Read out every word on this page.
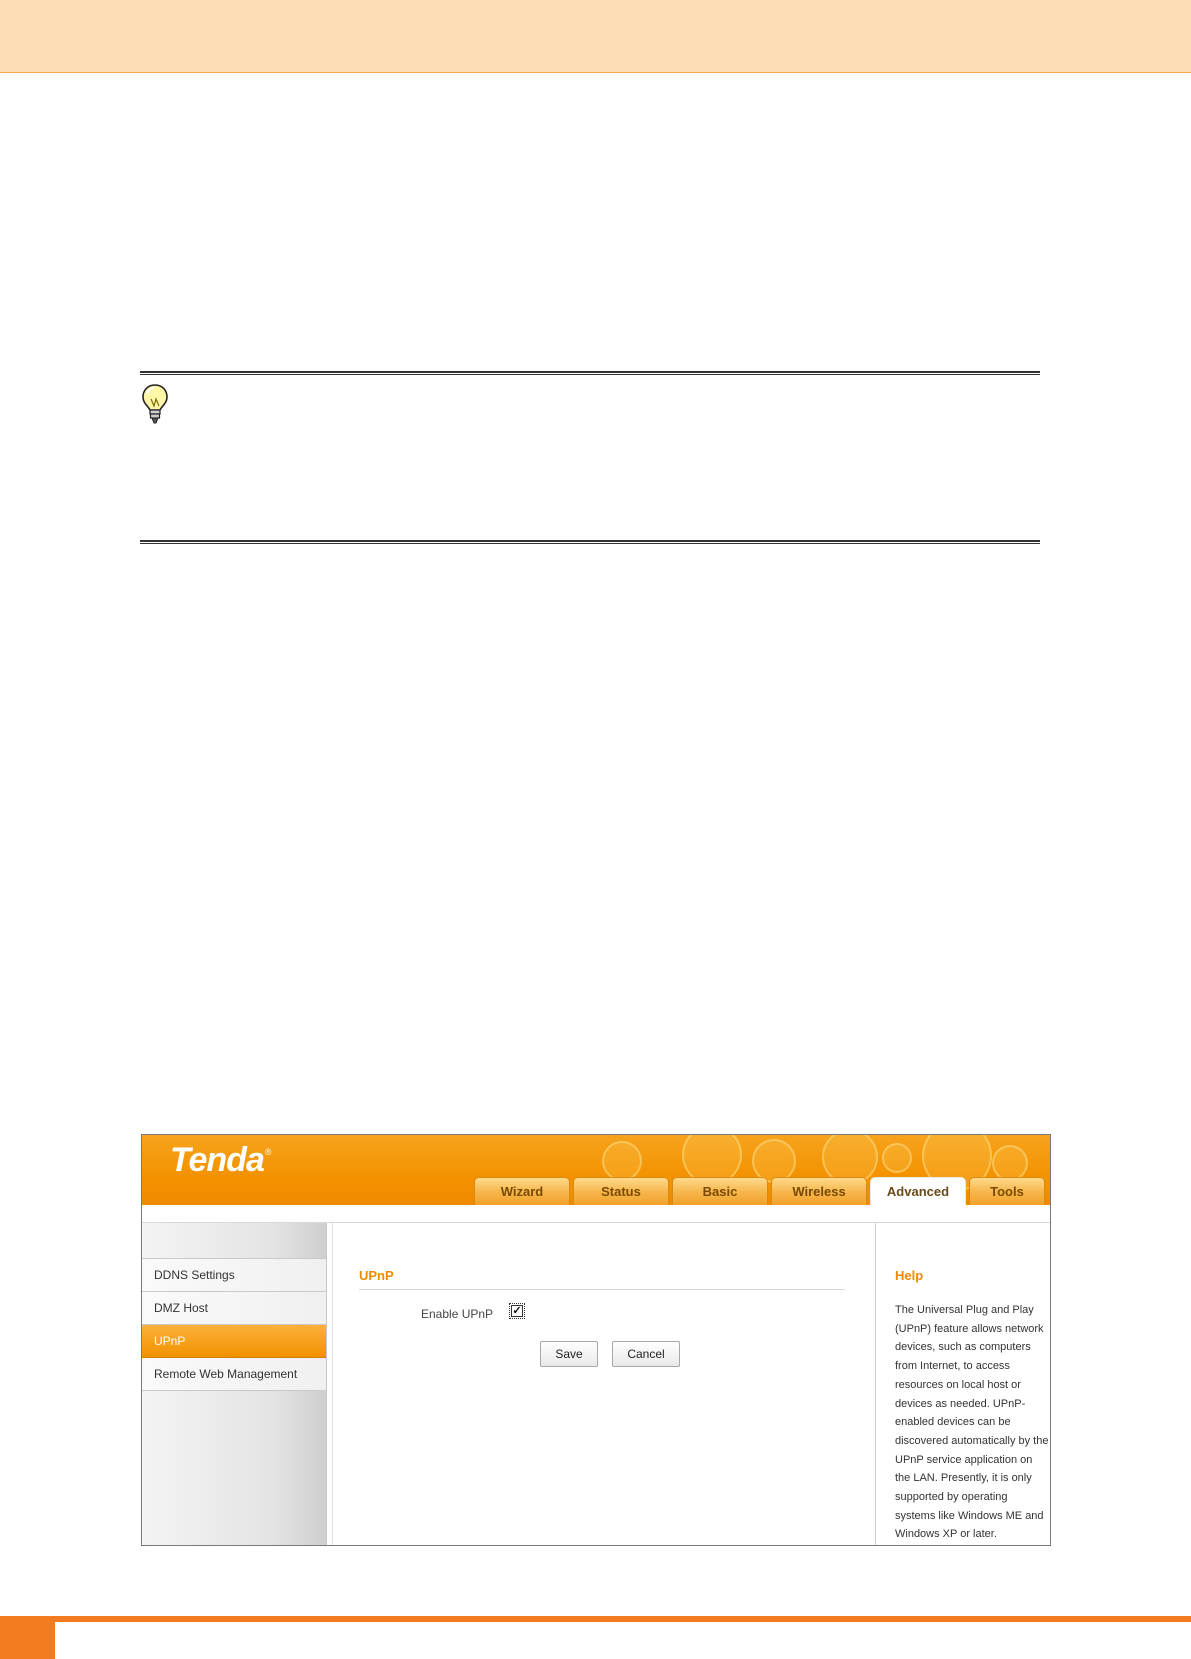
Tenda®
Wizard	Status	Basic	Wireless	Advanced	Tools
DDNS Settings
DMZ Host
UPnP
Remote Web Management
UPnP
Enable UPnP ✓
Save	Cancel
Help
The Universal Plug and Play (UPnP) feature allows network devices, such as computers from Internet, to access resources on local host or devices as needed. UPnP-enabled devices can be discovered automatically by the UPnP service application on the LAN. Presently, it is only supported by operating systems like Windows ME and Windows XP or later.
